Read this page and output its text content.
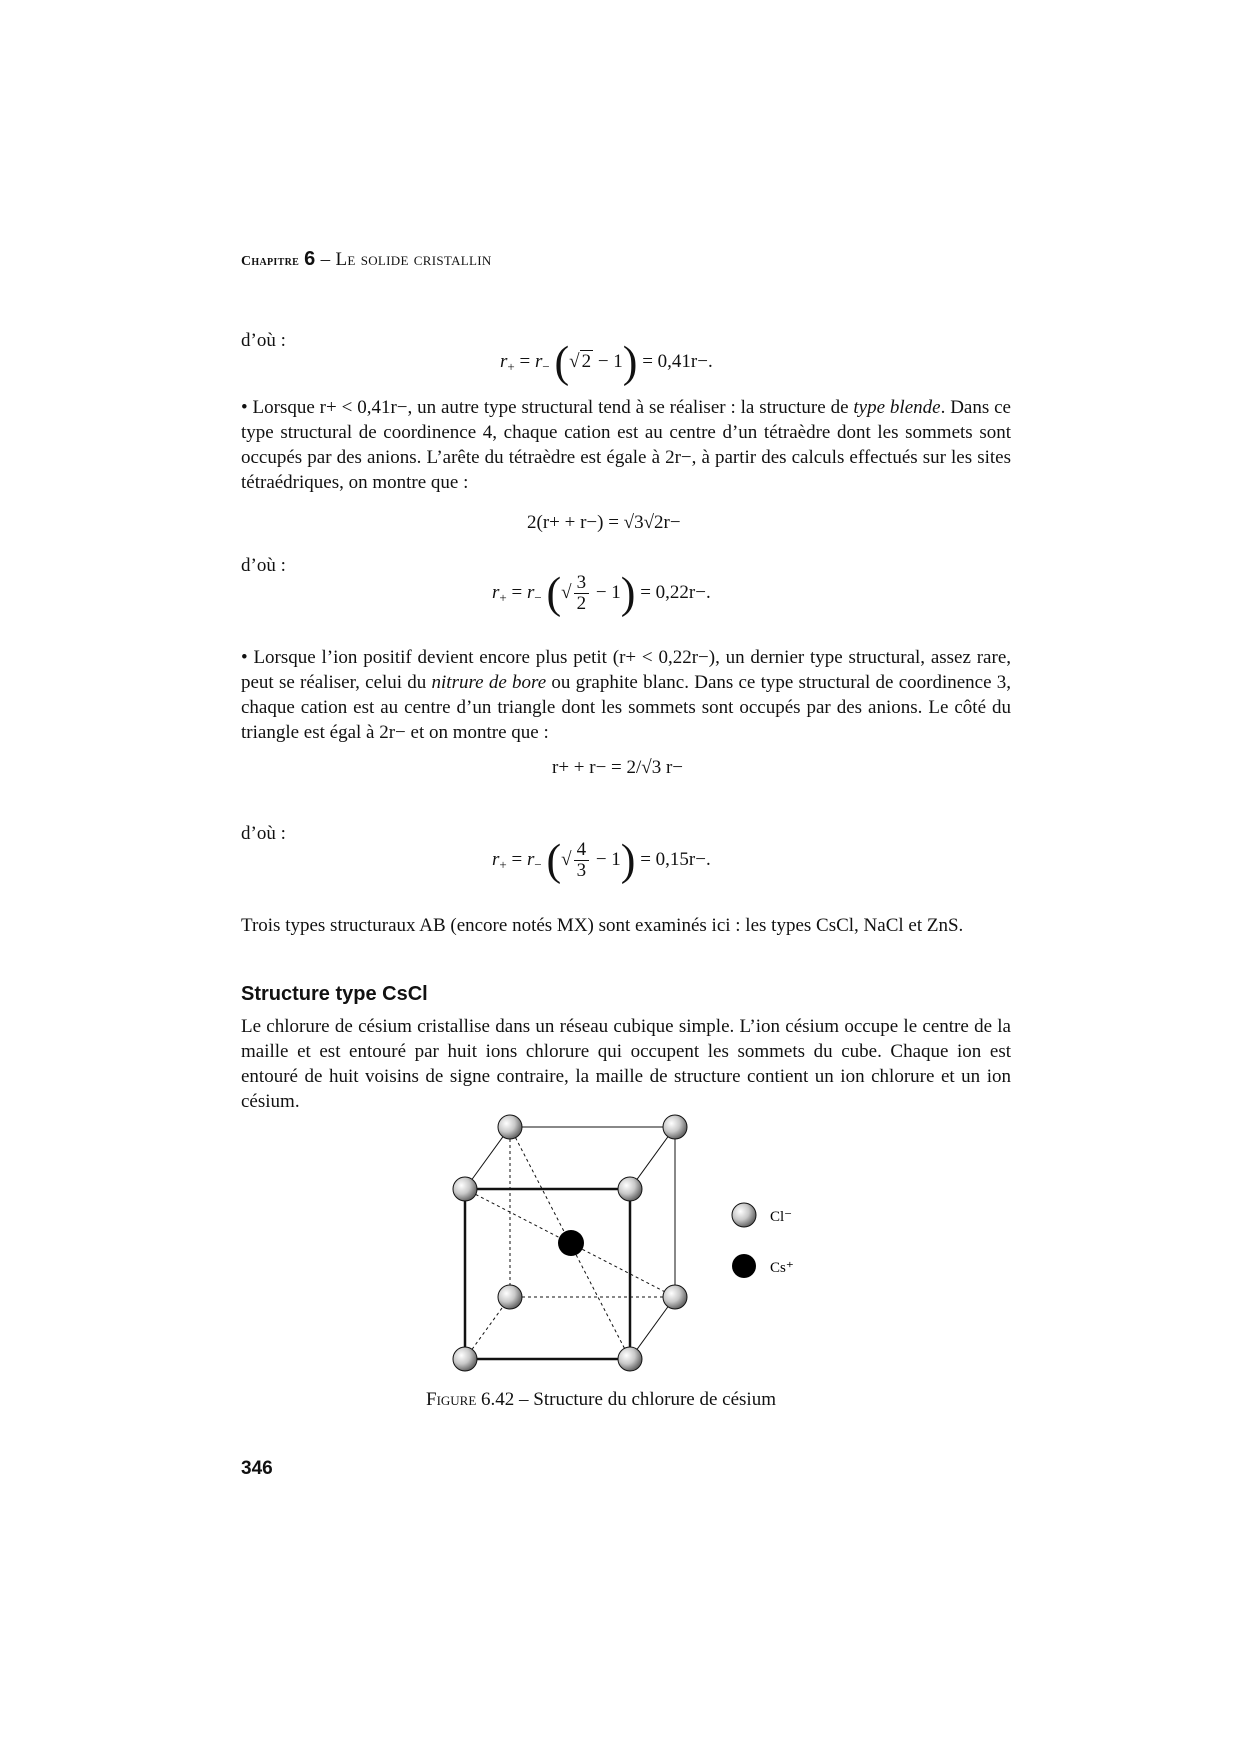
Chapitre 6 – Le solide cristallin
d’où :
$r_+ = r_-$ (√ 2 − 1) = 0,41r−.
• Lorsque r+ < 0,41r−, un autre type structural tend à se réaliser : la structure de type blende. Dans ce type structural de coordinence 4, chaque cation est au centre d’un tétraèdre dont les sommets sont occupés par des anions. L’arête du tétraèdre est égale à 2r−, à partir des calculs effectués sur les sites tétraédriques, on montre que :
2(r+ + r−) = √3√2r−
d’où :
$r_+ = r_-$ (√ $\frac{3}{2} - 1) = 0,22r-$.
• Lorsque l’ion positif devient encore plus petit (r+ < 0,22r−), un dernier type structural, assez rare, peut se réaliser, celui du nitrure de bore ou graphite blanc. Dans ce type structural de coordinence 3, chaque cation est au centre d’un triangle dont les sommets sont occupés par des anions. Le côté du triangle est égal à 2r− et on montre que :
r+ + r− = 2/√3 r−
d’où :
$r_+ = r_-$ (√ $\frac{4}{3} - 1) = 0,15r-$.
Trois types structuraux AB (encore notés MX) sont examinés ici : les types CsCl, NaCl et ZnS.
Structure type CsCl
Le chlorure de césium cristallise dans un réseau cubique simple. L’ion césium occupe le centre de la maille et est entouré par huit ions chlorure qui occupent les sommets du cube. Chaque ion est entouré de huit voisins de signe contraire, la maille de structure contient un ion chlorure et un ion césium.
Cl⁻
Cs⁺
Figure 6.42 – Structure du chlorure de césium
346
